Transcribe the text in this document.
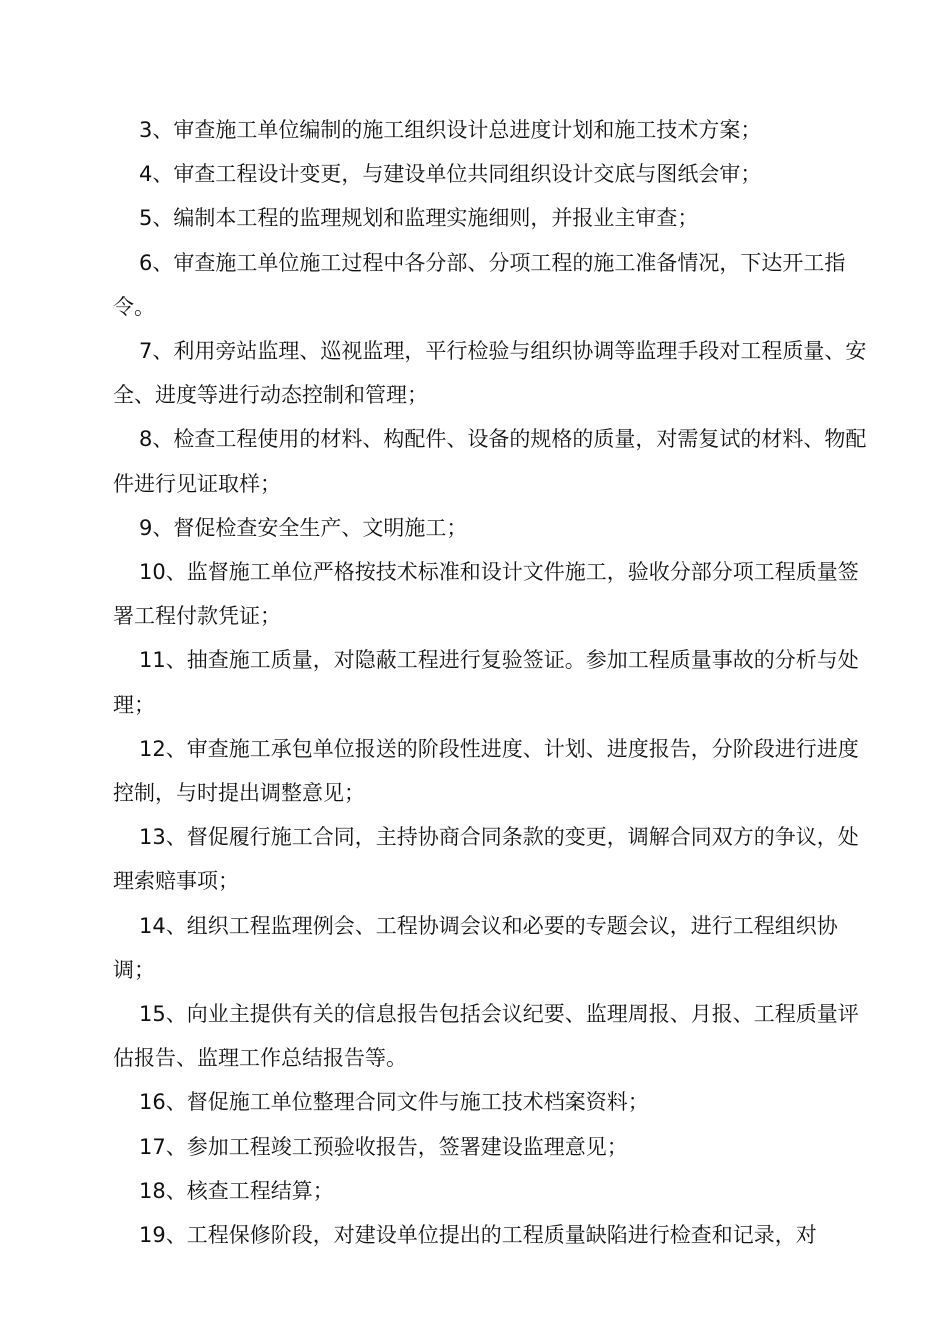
3、审查施工单位编制的施工组织设计总进度计划和施工技术方案；

4、审查工程设计变更，与建设单位共同组织设计交底与图纸会审；

5、编制本工程的监理规划和监理实施细则，并报业主审查；

6、审查施工单位施工过程中各分部、分项工程的施工准备情况，下达开工指令。

7、利用旁站监理、巡视监理，平行检验与组织协调等监理手段对工程质量、安全、进度等进行动态控制和管理；

8、检查工程使用的材料、构配件、设备的规格的质量，对需复试的材料、物配件进行见证取样；

9、督促检查安全生产、文明施工；

10、监督施工单位严格按技术标准和设计文件施工，验收分部分项工程质量签署工程付款凭证；

11、抽查施工质量，对隐蔽工程进行复验签证。参加工程质量事故的分析与处理；

12、审查施工承包单位报送的阶段性进度、计划、进度报告，分阶段进行进度控制，与时提出调整意见；

13、督促履行施工合同，主持协商合同条款的变更，调解合同双方的争议，处理索赔事项；

14、组织工程监理例会、工程协调会议和必要的专题会议，进行工程组织协调；

15、向业主提供有关的信息报告包括会议纪要、监理周报、月报、工程质量评估报告、监理工作总结报告等。

16、督促施工单位整理合同文件与施工技术档案资料；

17、参加工程竣工预验收报告，签署建设监理意见；

18、核查工程结算；

19、工程保修阶段，对建设单位提出的工程质量缺陷进行检查和记录，对
